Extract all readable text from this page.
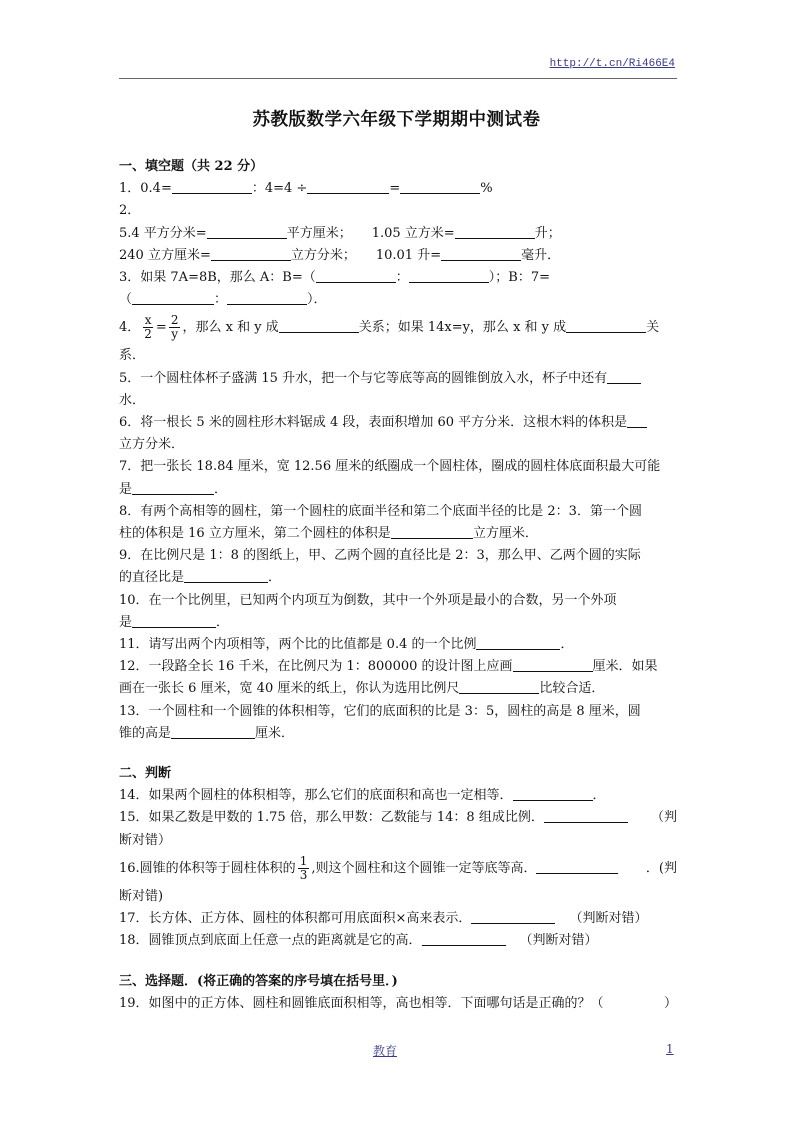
http://t.cn/Ri466E4
苏教版数学六年级下学期期中测试卷
一、填空题（共 22 分）
1．0.4=	：4=4 ÷	=	%
2．
5.4 平方分米=	平方厘米； 1.05 立方米=	升；
240 立方厘米=	立方分米； 10.01 升=	毫升．
3．如果 7A=8B，那么 A：B=（	：	）；B：7=
（	：	）．
4． $\frac{x}{2} = \frac{2}{y}$ ，那么 x 和 y 成	关系；如果 14x=y，那么 x 和 y 成	关
系．
5．一个圆柱体杯子盛满 15 升水，把一个与它等底等高的圆锥倒放入水，杯子中还有
水．
6．将一根长 5 米的圆柱形木料锯成 4 段，表面积增加 60 平方分米．这根木料的体积是
立方分米．
7．把一张长 18.84 厘米，宽 12.56 厘米的纸圈成一个圆柱体，圈成的圆柱体底面积最大可能
是	．
8．有两个高相等的圆柱，第一个圆柱的底面半径和第二个底面半径的比是 2：3．第一个圆
柱的体积是 16 立方厘米，第二个圆柱的体积是	立方厘米．
9．在比例尺是 1：8 的图纸上，甲、乙两个圆的直径比是 2：3，那么甲、乙两个圆的实际
的直径比是	．
10．在一个比例里，已知两个内项互为倒数，其中一个外项是最小的合数，另一个外项
是	．
11．请写出两个内项相等，两个比的比值都是 0.4 的一个比例	．
12．一段路全长 16 千米，在比例尺为 1：800000 的设计图上应画	厘米．如果
画在一张长 6 厘米，宽 40 厘米的纸上，你认为选用比例尺	比较合适．
13．一个圆柱和一个圆锥的体积相等，它们的底面积的比是 3：5，圆柱的高是 8 厘米，圆
锥的高是	厘米．
二、判断
14．如果两个圆柱的体积相等，那么它们的底面积和高也一定相等．	．
15．如果乙数是甲数的 1.75 倍，那么甲数：乙数能与 14：8 组成比例．	（判
断对错）
16.圆锥的体积等于圆柱体积的 $\frac{1}{3}$ ,则这个圆柱和这个圆锥一定等底等高．	．(判
断对错)
17．长方体、正方体、圆柱的体积都可用底面积×高来表示．	（判断对错）
18．圆锥顶点到底面上任意一点的距离就是它的高．	（判断对错）
三、选择题．(将正确的答案的序号填在括号里．)
19．如图中的正方体、圆柱和圆锥底面积相等，高也相等．下面哪句话是正确的？（	）
教育	1
